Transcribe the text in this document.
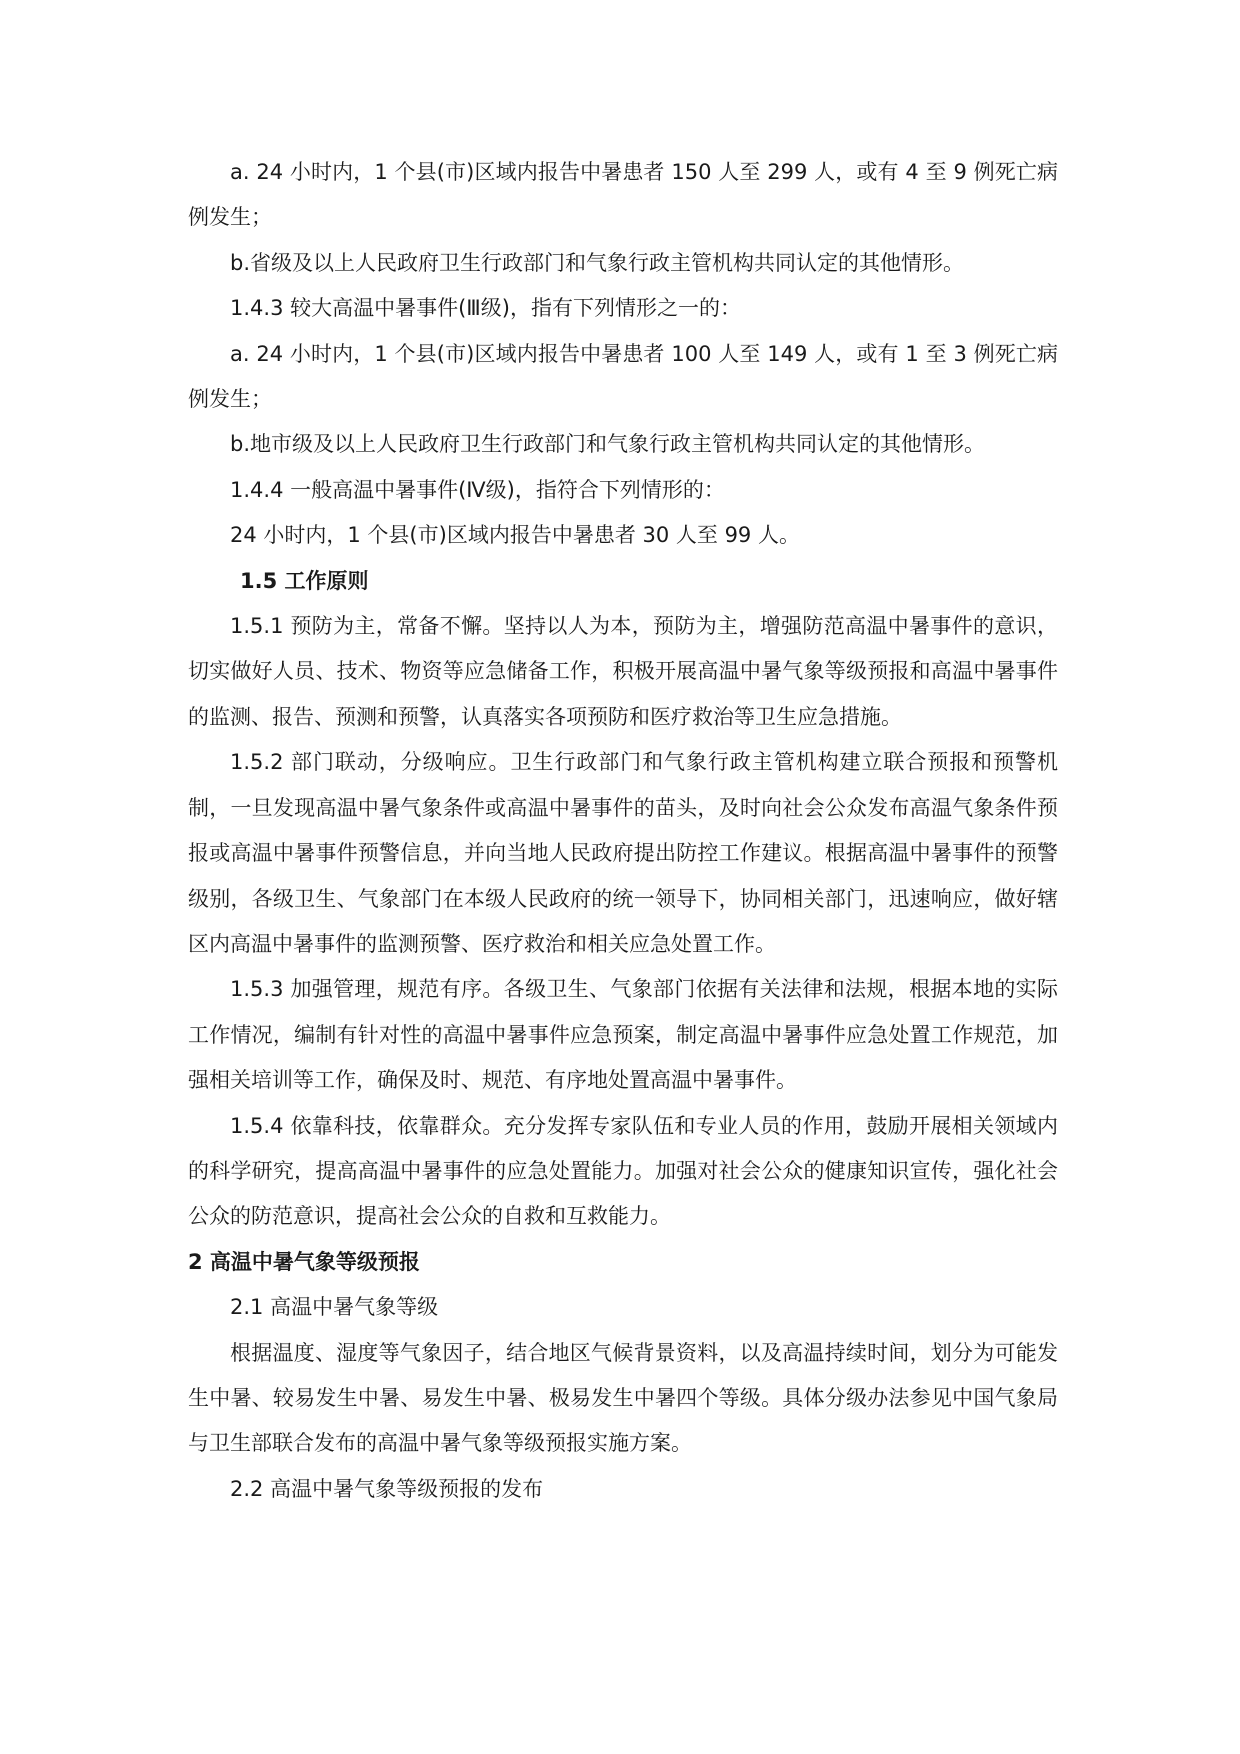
a. 24 小时内，1 个县(市)区域内报告中暑患者 150 人至 299 人，或有 4 至 9 例死亡病例发生；

b.省级及以上人民政府卫生行政部门和气象行政主管机构共同认定的其他情形。

1.4.3 较大高温中暑事件(Ⅲ级)，指有下列情形之一的：

a. 24 小时内，1 个县(市)区域内报告中暑患者 100 人至 149 人，或有 1 至 3 例死亡病例发生；

b.地市级及以上人民政府卫生行政部门和气象行政主管机构共同认定的其他情形。

1.4.4 一般高温中暑事件(Ⅳ级)，指符合下列情形的：

24 小时内，1 个县(市)区域内报告中暑患者 30 人至 99 人。

1.5 工作原则

1.5.1 预防为主，常备不懈。坚持以人为本，预防为主，增强防范高温中暑事件的意识，切实做好人员、技术、物资等应急储备工作，积极开展高温中暑气象等级预报和高温中暑事件的监测、报告、预测和预警，认真落实各项预防和医疗救治等卫生应急措施。

1.5.2 部门联动，分级响应。卫生行政部门和气象行政主管机构建立联合预报和预警机制，一旦发现高温中暑气象条件或高温中暑事件的苗头，及时向社会公众发布高温气象条件预报或高温中暑事件预警信息，并向当地人民政府提出防控工作建议。根据高温中暑事件的预警级别，各级卫生、气象部门在本级人民政府的统一领导下，协同相关部门，迅速响应，做好辖区内高温中暑事件的监测预警、医疗救治和相关应急处置工作。

1.5.3 加强管理，规范有序。各级卫生、气象部门依据有关法律和法规，根据本地的实际工作情况，编制有针对性的高温中暑事件应急预案，制定高温中暑事件应急处置工作规范，加强相关培训等工作，确保及时、规范、有序地处置高温中暑事件。

1.5.4 依靠科技，依靠群众。充分发挥专家队伍和专业人员的作用，鼓励开展相关领域内的科学研究，提高高温中暑事件的应急处置能力。加强对社会公众的健康知识宣传，强化社会公众的防范意识，提高社会公众的自救和互救能力。

2 高温中暑气象等级预报

2.1 高温中暑气象等级

根据温度、湿度等气象因子，结合地区气候背景资料，以及高温持续时间，划分为可能发生中暑、较易发生中暑、易发生中暑、极易发生中暑四个等级。具体分级办法参见中国气象局与卫生部联合发布的高温中暑气象等级预报实施方案。

2.2 高温中暑气象等级预报的发布
